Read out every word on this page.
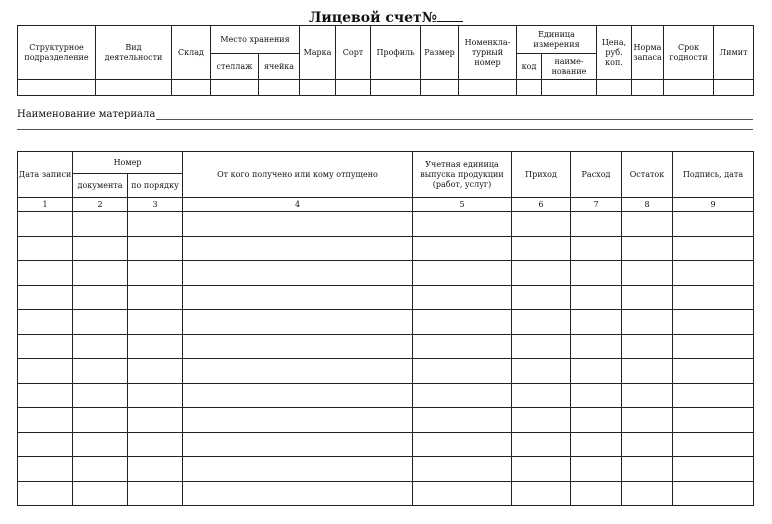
Лицевой счет№
Структурное подразделение	Вид деятельности	Склад	Место хранения		Марка	Сорт	Профиль	Размер	Номенкла-турный номер	Единица измерения		Цена, руб. коп.	Норма запаса	Срок годности	Лимит
			стеллаж	ячейка						код	наиме-нование				

Наименование материала
Дата записи	Номер		От кого получено или кому отпущено	Учетная единица выпуска продукции (работ, услуг)	Приход	Расход	Остаток	Подпись, дата
	документа	по порядку						
1	2	3	4	5	6	7	8	9
